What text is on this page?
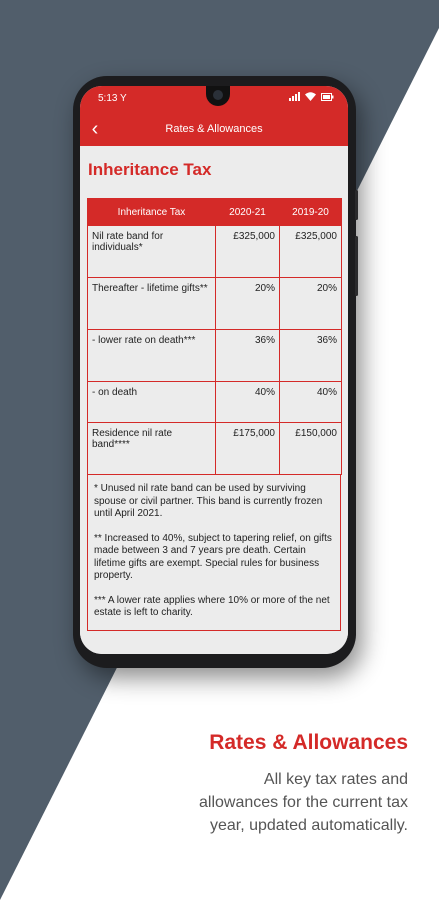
5:13 Y
‹	Rates & Allowances
Inheritance Tax
Inheritance Tax	2020-21	2019-20
Nil rate band for individuals*	£325,000	£325,000
Thereafter - lifetime gifts**	20%	20%
- lower rate on death***	36%	36%
- on death	40%	40%
Residence nil rate band****	£175,000	£150,000

* Unused nil rate band can be used by surviving spouse or civil partner. This band is currently frozen until April 2021.

** Increased to 40%, subject to tapering relief, on gifts made between 3 and 7 years pre death. Certain lifetime gifts are exempt. Special rules for business property.

*** A lower rate applies where 10% or more of the net estate is left to charity.

Rates & Allowances
All key tax rates and allowances for the current tax year, updated automatically.
